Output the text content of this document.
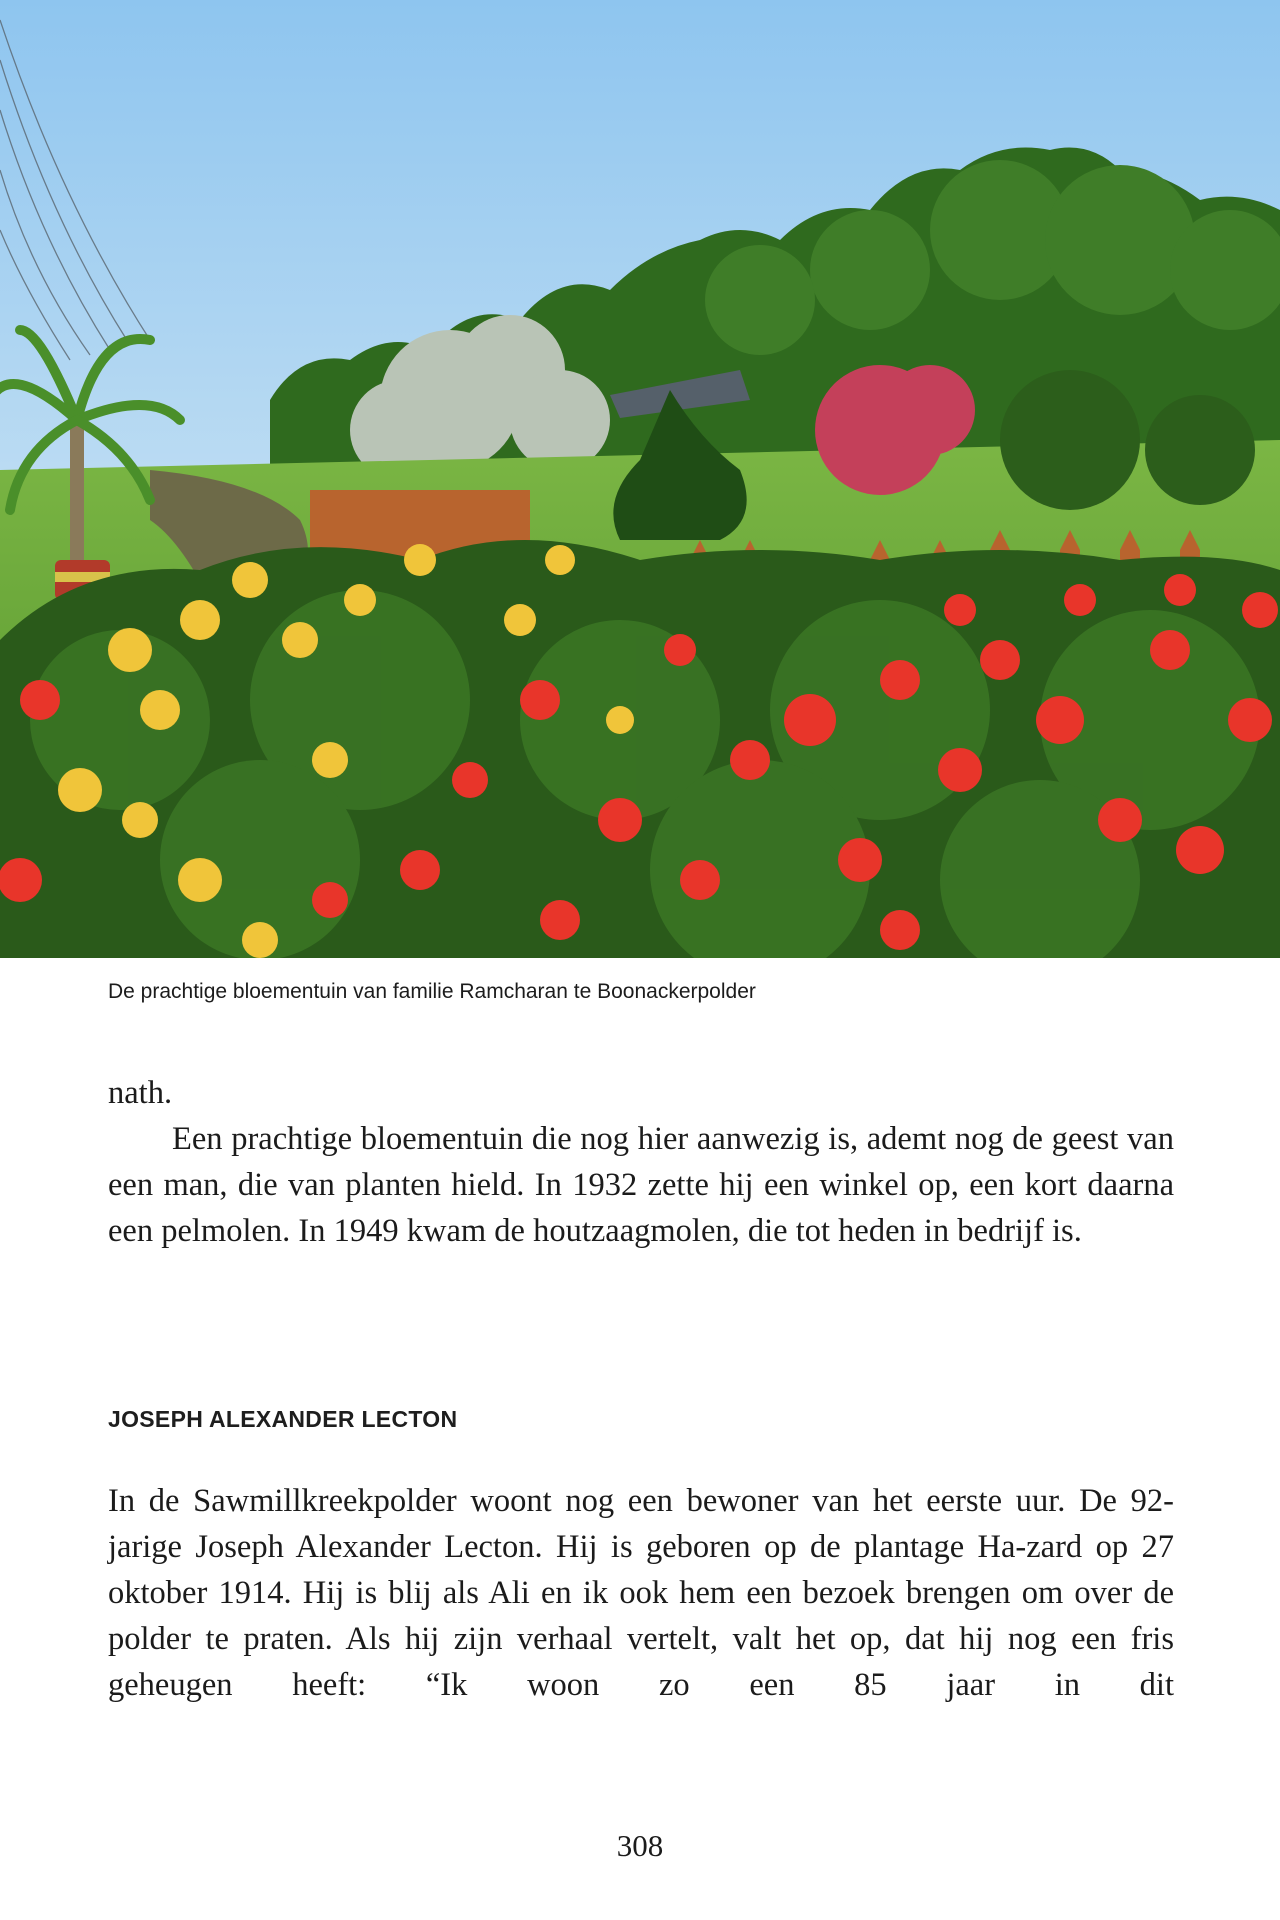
De prachtige bloementuin van familie Ramcharan te Boonackerpolder

nath.

Een prachtige bloementuin die nog hier aanwezig is, ademt nog de geest van een man, die van planten hield. In 1932 zette hij een winkel op, een kort daarna een pelmolen. In 1949 kwam de houtzaagmolen, die tot heden in bedrijf is.

JOSEPH ALEXANDER LECTON

In de Sawmillkreekpolder woont nog een bewoner van het eerste uur. De 92-jarige Joseph Alexander Lecton. Hij is geboren op de plantage Ha-zard op 27 oktober 1914. Hij is blij als Ali en ik ook hem een bezoek brengen om over de polder te praten. Als hij zijn verhaal vertelt, valt het op, dat hij nog een fris geheugen heeft: “Ik woon zo een 85 jaar in dit

308
